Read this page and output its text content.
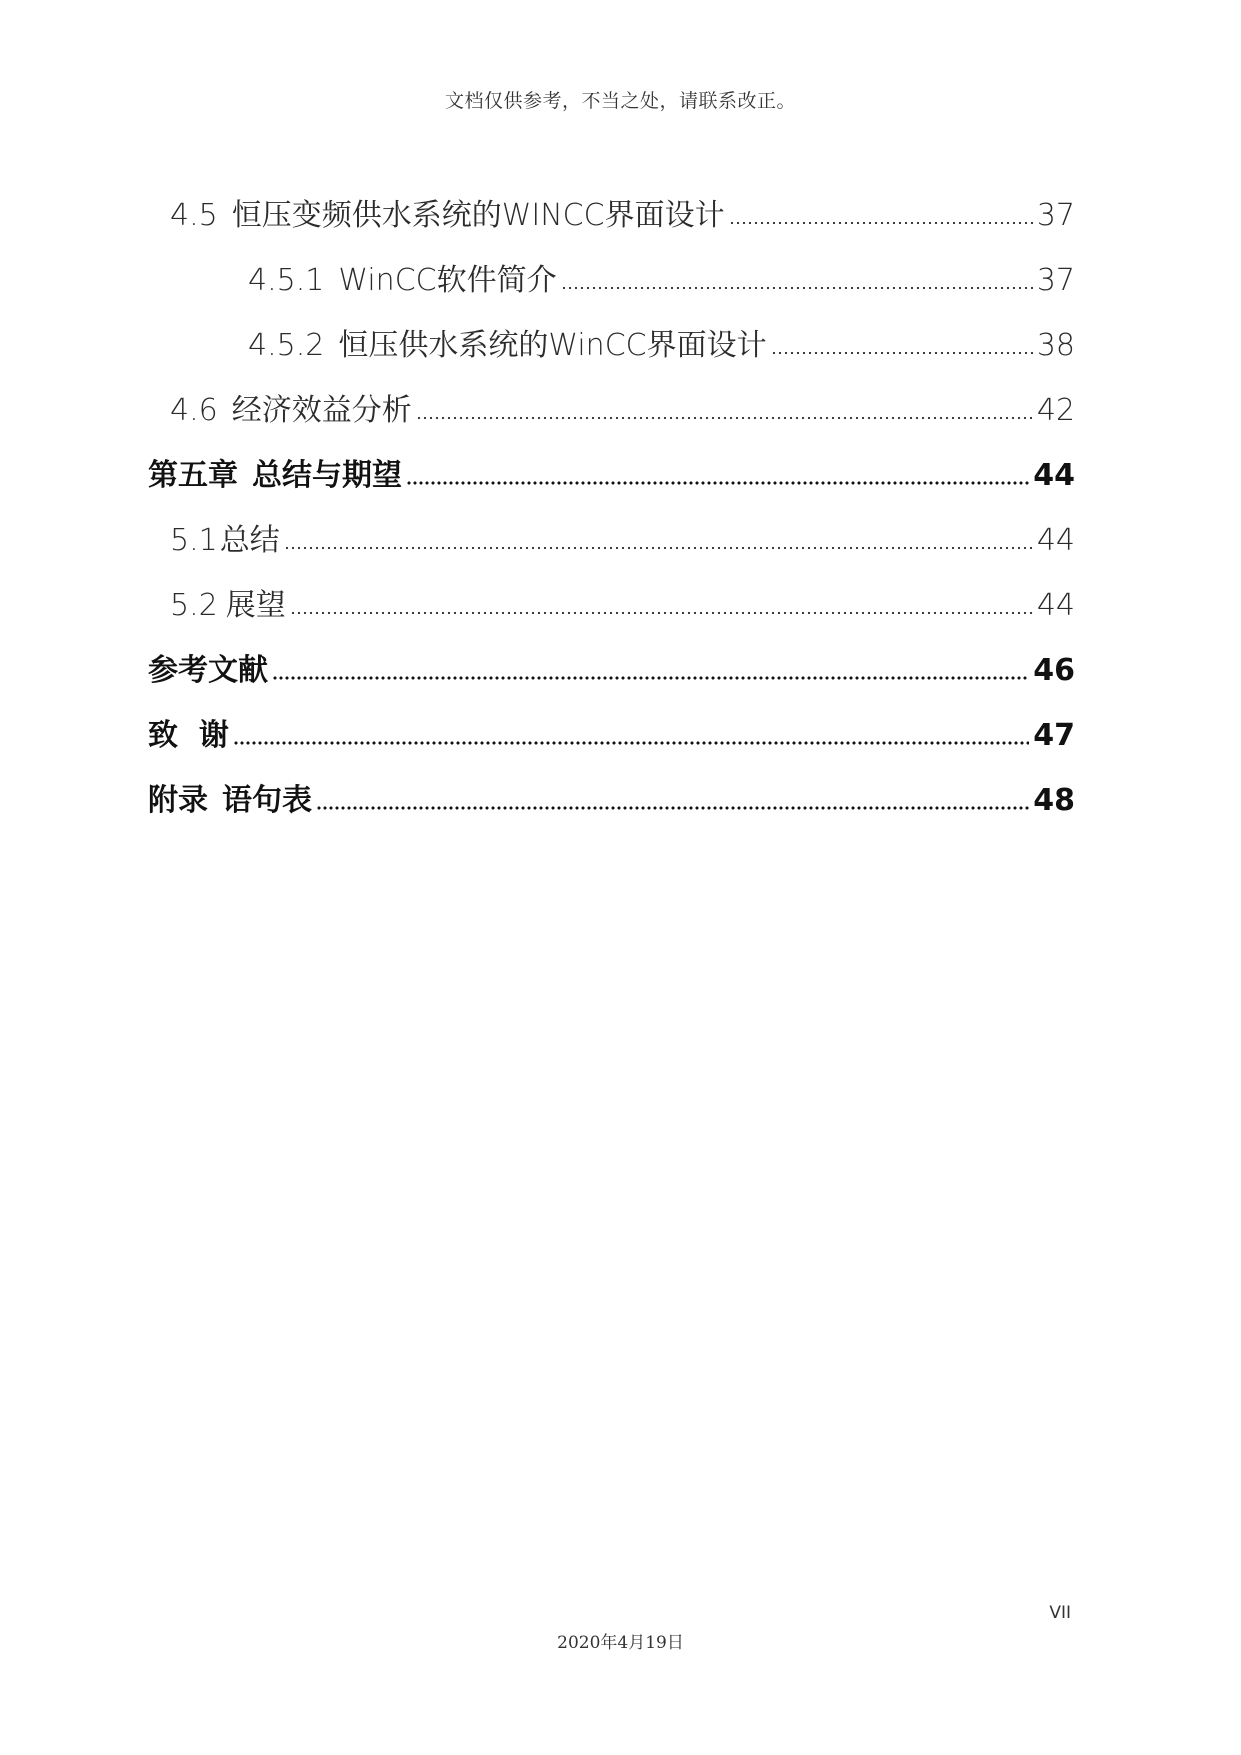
文档仅供参考，不当之处，请联系改正。
4.5 恒压变频供水系统的WINCC界面设计	37
4.5.1 WinCC软件简介	37
4.5.2 恒压供水系统的WinCC界面设计	38
4.6 经济效益分析	42
第五章 总结与期望	44
5.1 总结	44
5.2 展望	44
参考文献	46
致  谢	47
附录 语句表	48
VII
2020年4月19日
